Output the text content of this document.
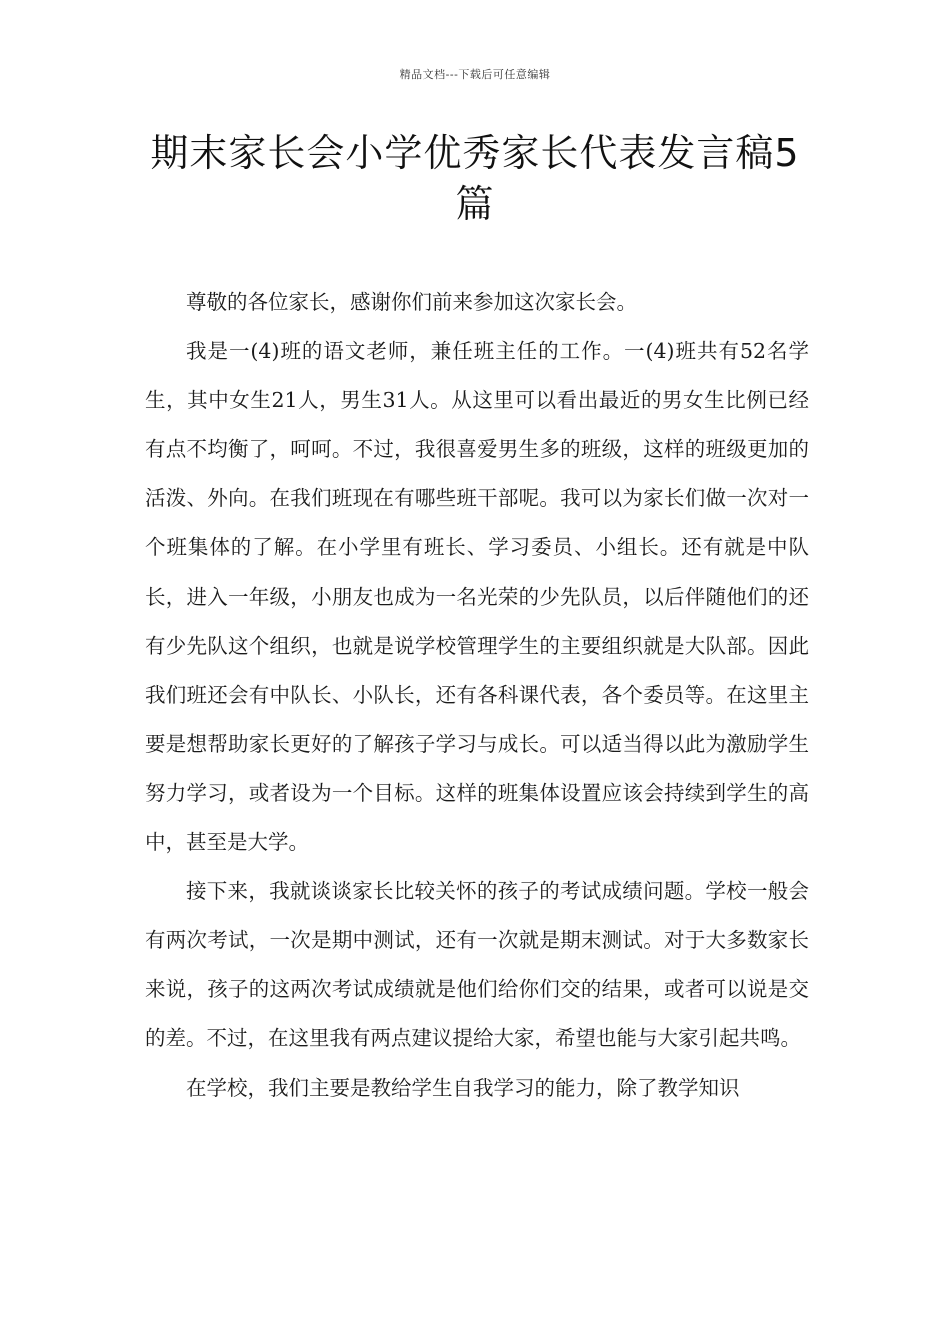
精品文档---下载后可任意编辑
期末家长会小学优秀家长代表发言稿5篇

尊敬的各位家长，感谢你们前来参加这次家长会。

我是一(4)班的语文老师，兼任班主任的工作。一(4)班共有52名学生，其中女生21人，男生31人。从这里可以看出最近的男女生比例已经有点不均衡了，呵呵。不过，我很喜爱男生多的班级，这样的班级更加的活泼、外向。在我们班现在有哪些班干部呢。我可以为家长们做一次对一个班集体的了解。在小学里有班长、学习委员、小组长。还有就是中队长，进入一年级，小朋友也成为一名光荣的少先队员，以后伴随他们的还有少先队这个组织，也就是说学校管理学生的主要组织就是大队部。因此我们班还会有中队长、小队长，还有各科课代表，各个委员等。在这里主要是想帮助家长更好的了解孩子学习与成长。可以适当得以此为激励学生努力学习，或者设为一个目标。这样的班集体设置应该会持续到学生的高中，甚至是大学。

接下来，我就谈谈家长比较关怀的孩子的考试成绩问题。学校一般会有两次考试，一次是期中测试，还有一次就是期末测试。对于大多数家长来说，孩子的这两次考试成绩就是他们给你们交的结果，或者可以说是交的差。不过，在这里我有两点建议提给大家，希望也能与大家引起共鸣。

在学校，我们主要是教给学生自我学习的能力，除了教学知识
